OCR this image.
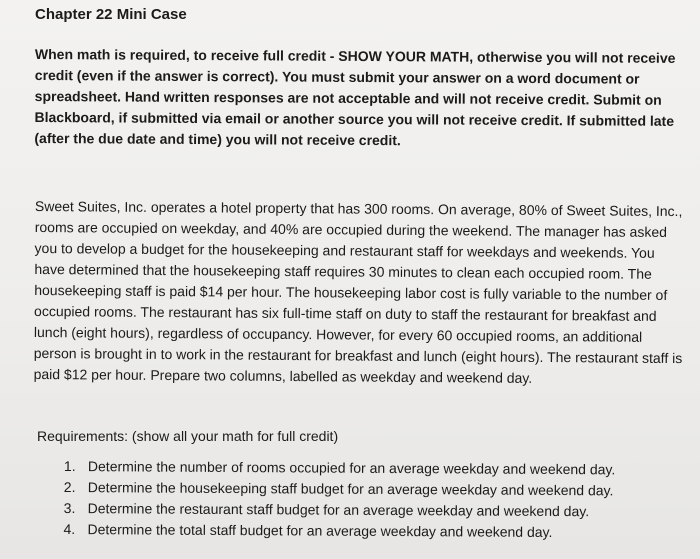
Chapter 22 Mini Case
When math is required, to receive full credit - SHOW YOUR MATH, otherwise you will not receive credit (even if the answer is correct). You must submit your answer on a word document or spreadsheet. Hand written responses are not acceptable and will not receive credit. Submit on Blackboard, if submitted via email or another source you will not receive credit. If submitted late (after the due date and time) you will not receive credit.
Sweet Suites, Inc. operates a hotel property that has 300 rooms. On average, 80% of Sweet Suites, Inc., rooms are occupied on weekday, and 40% are occupied during the weekend. The manager has asked you to develop a budget for the housekeeping and restaurant staff for weekdays and weekends. You have determined that the housekeeping staff requires 30 minutes to clean each occupied room. The housekeeping staff is paid $14 per hour. The housekeeping labor cost is fully variable to the number of occupied rooms. The restaurant has six full-time staff on duty to staff the restaurant for breakfast and lunch (eight hours), regardless of occupancy. However, for every 60 occupied rooms, an additional person is brought in to work in the restaurant for breakfast and lunch (eight hours). The restaurant staff is paid $12 per hour. Prepare two columns, labelled as weekday and weekend day.
Requirements: (show all your math for full credit)
1. Determine the number of rooms occupied for an average weekday and weekend day.
2. Determine the housekeeping staff budget for an average weekday and weekend day.
3. Determine the restaurant staff budget for an average weekday and weekend day.
4. Determine the total staff budget for an average weekday and weekend day.
